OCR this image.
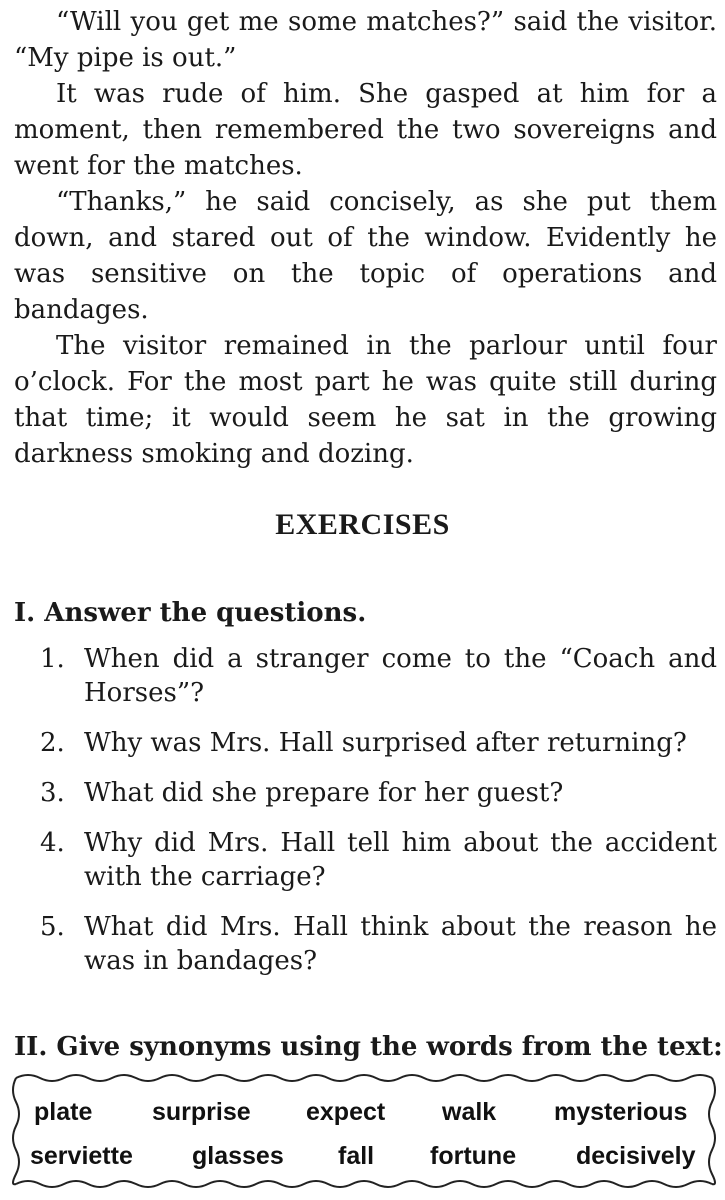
“Will you get me some matches?” said the visitor. “My pipe is out.”

It was rude of him. She gasped at him for a moment, then remembered the two sovereigns and went for the matches.

“Thanks,” he said concisely, as she put them down, and stared out of the window. Evidently he was sensitive on the topic of operations and bandages.

The visitor remained in the parlour until four o’clock. For the most part he was quite still during that time; it would seem he sat in the growing darkness smoking and dozing.

EXERCISES
I. Answer the questions.
1. When did a stranger come to the “Coach and Horses”?
2. Why was Mrs. Hall surprised after returning?
3. What did she prepare for her guest?
4. Why did Mrs. Hall tell him about the accident with the carriage?
5. What did Mrs. Hall think about the reason he was in bandages?
II. Give synonyms using the words from the text:
plate surprise expect walk mysterious
serviette glasses fall fortune decisively
